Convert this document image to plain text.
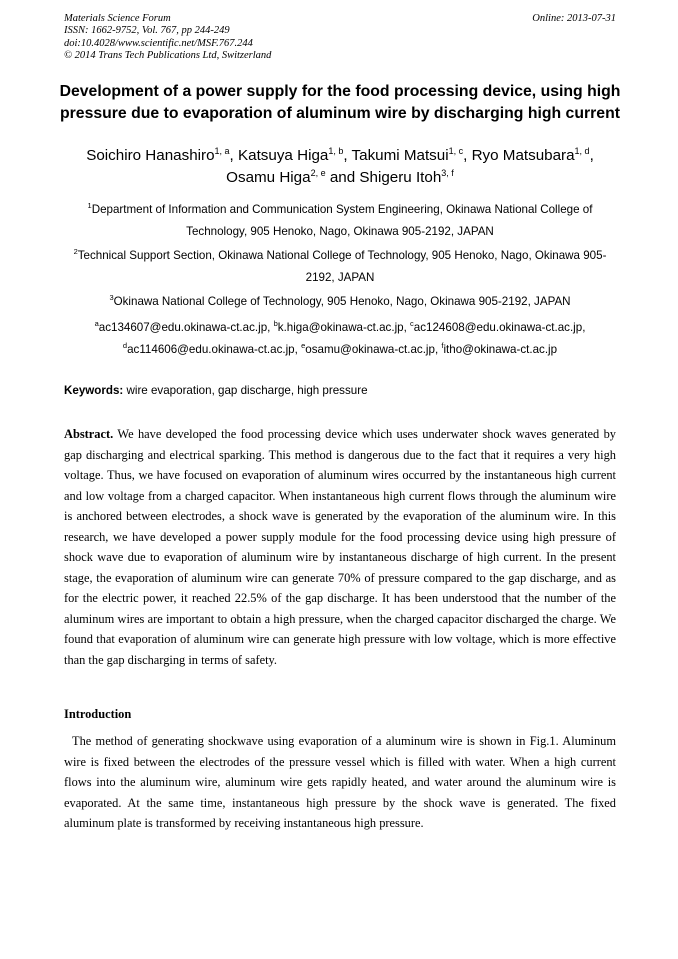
Materials Science Forum
ISSN: 1662-9752, Vol. 767, pp 244-249
doi:10.4028/www.scientific.net/MSF.767.244
© 2014 Trans Tech Publications Ltd, Switzerland
Online: 2013-07-31
Development of a power supply for the food processing device, using high pressure due to evaporation of aluminum wire by discharging high current
Soichiro Hanashiro$^{1, a}$, Katsuya Higa$^{1, b}$, Takumi Matsui$^{1, c}$, Ryo Matsubara$^{1, d}$,
Osamu Higa$^{2, e}$ and Shigeru Itoh$^{3, f}$
$^1$Department of Information and Communication System Engineering, Okinawa National College of Technology, 905 Henoko, Nago, Okinawa 905-2192, JAPAN
$^2$Technical Support Section, Okinawa National College of Technology, 905 Henoko, Nago, Okinawa 905-2192, JAPAN
$^3$Okinawa National College of Technology, 905 Henoko, Nago, Okinawa 905-2192, JAPAN
$^a$ac134607@edu.okinawa-ct.ac.jp, $^b$k.higa@okinawa-ct.ac.jp, $^c$ac124608@edu.okinawa-ct.ac.jp,
$^d$ac114606@edu.okinawa-ct.ac.jp, $^e$osamu@okinawa-ct.ac.jp, $^f$itho@okinawa-ct.ac.jp
Keywords: wire evaporation, gap discharge, high pressure

Abstract. We have developed the food processing device which uses underwater shock waves generated by gap discharging and electrical sparking. This method is dangerous due to the fact that it requires a very high voltage. Thus, we have focused on evaporation of aluminum wires occurred by the instantaneous high current and low voltage from a charged capacitor. When instantaneous high current flows through the aluminum wire is anchored between electrodes, a shock wave is generated by the evaporation of the aluminum wire. In this research, we have developed a power supply module for the food processing device using high pressure of shock wave due to evaporation of aluminum wire by instantaneous discharge of high current. In the present stage, the evaporation of aluminum wire can generate 70% of pressure compared to the gap discharge, and as for the electric power, it reached 22.5% of the gap discharge. It has been understood that the number of the aluminum wires are important to obtain a high pressure, when the charged capacitor discharged the charge. We found that evaporation of aluminum wire can generate high pressure with low voltage, which is more effective than the gap discharging in terms of safety.

Introduction

The method of generating shockwave using evaporation of a aluminum wire is shown in Fig.1. Aluminum wire is fixed between the electrodes of the pressure vessel which is filled with water. When a high current flows into the aluminum wire, aluminum wire gets rapidly heated, and water around the aluminum wire is evaporated. At the same time, instantaneous high pressure by the shock wave is generated. The fixed aluminum plate is transformed by receiving instantaneous high pressure.
